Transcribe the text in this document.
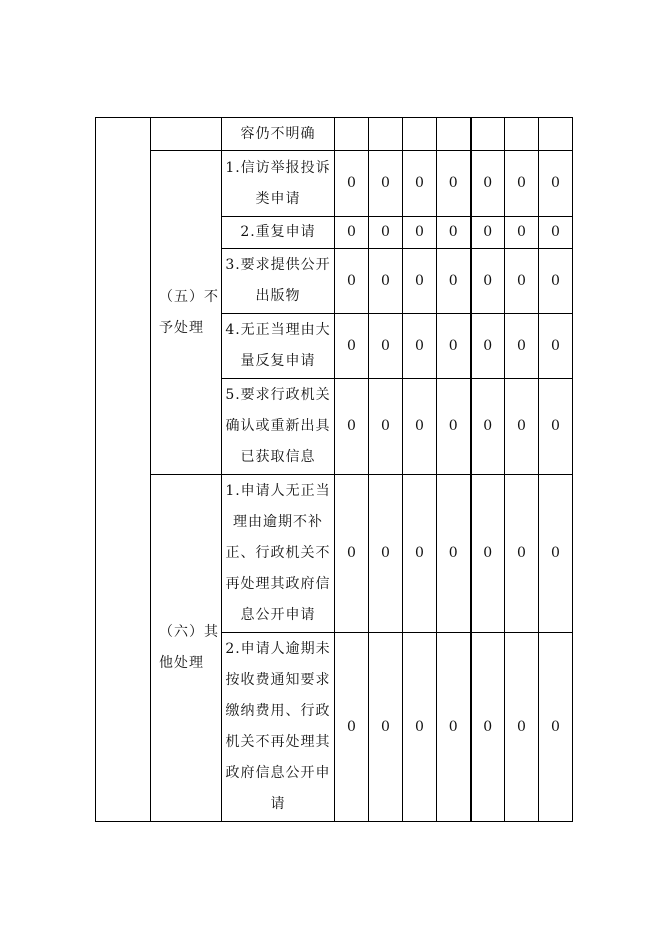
		容仍不明确							
	（五）不予处理	1.信访举报投诉类申请	0	0	0	0	0	0	0
		2.重复申请	0	0	0	0	0	0	0
		3.要求提供公开出版物	0	0	0	0	0	0	0
		4.无正当理由大量反复申请	0	0	0	0	0	0	0
		5.要求行政机关确认或重新出具已获取信息	0	0	0	0	0	0	0
	（六）其他处理	1.申请人无正当理由逾期不补正、行政机关不再处理其政府信息公开申请	0	0	0	0	0	0	0
		2.申请人逾期未按收费通知要求缴纳费用、行政机关不再处理其政府信息公开申请	0	0	0	0	0	0	0
